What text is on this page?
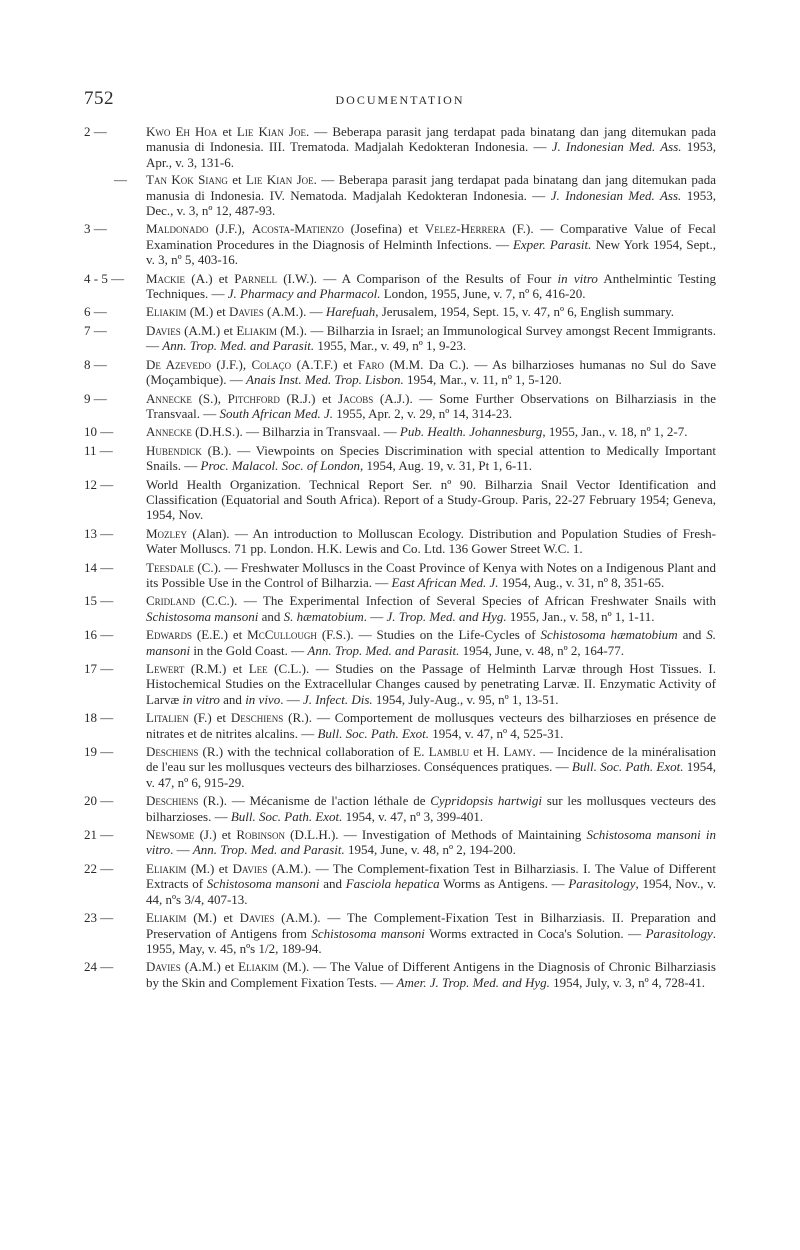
752	DOCUMENTATION
2 —	Kwo Eh Hoa et Lie Kian Joe. — Beberapa parasit jang terdapat pada binatang dan jang ditemukan pada manusia di Indonesia. III. Trematoda. Madjalah Kedokteran Indonesia. — J. Indonesian Med. Ass. 1953, Apr., v. 3, 131-6.
—	Tan Kok Siang et Lie Kian Joe. — Beberapa parasit jang terdapat pada binatang dan jang ditemukan pada manusia di Indonesia. IV. Nematoda. Madjalah Kedokteran Indonesia. — J. Indonesian Med. Ass. 1953, Dec., v. 3, nº 12, 487-93.
3 —	Maldonado (J.F.), Acosta-Matienzo (Josefina) et Velez-Herrera (F.). — Comparative Value of Fecal Examination Procedures in the Diagnosis of Helminth Infections. — Exper. Parasit. New York 1954, Sept., v. 3, nº 5, 403-16.
4 - 5 —	Mackie (A.) et Parnell (I.W.). — A Comparison of the Results of Four in vitro Anthelmintic Testing Techniques. — J. Pharmacy and Pharmacol. London, 1955, June, v. 7, nº 6, 416-20.
6 —	Eliakim (M.) et Davies (A.M.). — Harefuah, Jerusalem, 1954, Sept. 15, v. 47, nº 6, English summary.
7 —	Davies (A.M.) et Eliakim (M.). — Bilharzia in Israel; an Immunological Survey amongst Recent Immigrants. — Ann. Trop. Med. and Parasit. 1955, Mar., v. 49, nº 1, 9-23.
8 —	De Azevedo (J.F.), Colaço (A.T.F.) et Faro (M.M. Da C.). — As bilharzioses humanas no Sul do Save (Moçambique). — Anais Inst. Med. Trop. Lisbon. 1954, Mar., v. 11, nº 1, 5-120.
9 —	Annecke (S.), Pitchford (R.J.) et Jacobs (A.J.). — Some Further Observations on Bilharziasis in the Transvaal. — South African Med. J. 1955, Apr. 2, v. 29, nº 14, 314-23.
10 —	Annecke (D.H.S.). — Bilharzia in Transvaal. — Pub. Health. Johannesburg, 1955, Jan., v. 18, nº 1, 2-7.
11 —	Hubendick (B.). — Viewpoints on Species Discrimination with special attention to Medically Important Snails. — Proc. Malacol. Soc. of London, 1954, Aug. 19, v. 31, Pt 1, 6-11.
12 —	World Health Organization. Technical Report Ser. nº 90. Bilharzia Snail Vector Identification and Classification (Equatorial and South Africa). Report of a Study-Group. Paris, 22-27 February 1954; Geneva, 1954, Nov.
13 —	Mozley (Alan). — An introduction to Molluscan Ecology. Distribution and Population Studies of Fresh-Water Molluscs. 71 pp. London. H.K. Lewis and Co. Ltd. 136 Gower Street W.C. 1.
14 —	Teesdale (C.). — Freshwater Molluscs in the Coast Province of Kenya with Notes on a Indigenous Plant and its Possible Use in the Control of Bilharzia. — East African Med. J. 1954, Aug., v. 31, nº 8, 351-65.
15 —	Cridland (C.C.). — The Experimental Infection of Several Species of African Freshwater Snails with Schistosoma mansoni and S. hæmatobium. — J. Trop. Med. and Hyg. 1955, Jan., v. 58, nº 1, 1-11.
16 —	Edwards (E.E.) et McCullough (F.S.). — Studies on the Life-Cycles of Schistosoma hæmatobium and S. mansoni in the Gold Coast. — Ann. Trop. Med. and Parasit. 1954, June, v. 48, nº 2, 164-77.
17 —	Lewert (R.M.) et Lee (C.L.). — Studies on the Passage of Helminth Larvæ through Host Tissues. I. Histochemical Studies on the Extracellular Changes caused by penetrating Larvæ. II. Enzymatic Activity of Larvæ in vitro and in vivo. — J. Infect. Dis. 1954, July-Aug., v. 95, nº 1, 13-51.
18 —	Litalien (F.) et Deschiens (R.). — Comportement de mollusques vecteurs des bilharzioses en présence de nitrates et de nitrites alcalins. — Bull. Soc. Path. Exot. 1954, v. 47, nº 4, 525-31.
19 —	Deschiens (R.) with the technical collaboration of E. Lamblu et H. Lamy. — Incidence de la minéralisation de l'eau sur les mollusques vecteurs des bilharzioses. Conséquences pratiques. — Bull. Soc. Path. Exot. 1954, v. 47, nº 6, 915-29.
20 —	Deschiens (R.). — Mécanisme de l'action léthale de Cypridopsis hartwigi sur les mollusques vecteurs des bilharzioses. — Bull. Soc. Path. Exot. 1954, v. 47, nº 3, 399-401.
21 —	Newsome (J.) et Robinson (D.L.H.). — Investigation of Methods of Maintaining Schistosoma mansoni in vitro. — Ann. Trop. Med. and Parasit. 1954, June, v. 48, nº 2, 194-200.
22 —	Eliakim (M.) et Davies (A.M.). — The Complement-fixation Test in Bilharziasis. I. The Value of Different Extracts of Schistosoma mansoni and Fasciola hepatica Worms as Antigens. — Parasitology, 1954, Nov., v. 44, nºs 3/4, 407-13.
23 —	Eliakim (M.) et Davies (A.M.). — The Complement-Fixation Test in Bilharziasis. II. Preparation and Preservation of Antigens from Schistosoma mansoni Worms extracted in Coca's Solution. — Parasitology. 1955, May, v. 45, nºs 1/2, 189-94.
24 —	Davies (A.M.) et Eliakim (M.). — The Value of Different Antigens in the Diagnosis of Chronic Bilharziasis by the Skin and Complement Fixation Tests. — Amer. J. Trop. Med. and Hyg. 1954, July, v. 3, nº 4, 728-41.
